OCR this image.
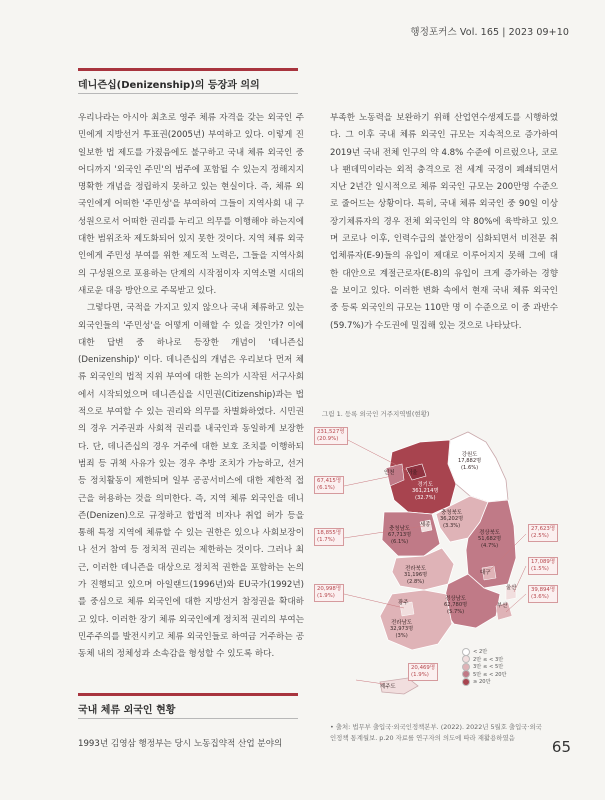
행정포커스 Vol. 165 | 2023 09+10
데니즌십(Denizenship)의 등장과 의의

우리나라는 아시아 최초로 영주 체류 자격을 갖는 외국인 주민에게 지방선거 투표권(2005년) 부여하고 있다. 이렇게 진일보한 법 제도를 가졌음에도 불구하고 국내 체류 외국인 중 어디까지 '외국인 주민'의 범주에 포함될 수 있는지 정해지지 명확한 개념을 정립하지 못하고 있는 현실이다. 즉, 체류 외국인에게 어떠한 '주민성'을 부여하여 그들이 지역사회 내 구성원으로서 어떠한 권리를 누리고 의무를 이행해야 하는지에 대한 범위조차 제도화되어 있지 못한 것이다. 지역 체류 외국인에게 주민성 부여를 위한 제도적 노력은, 그들을 지역사회의 구성원으로 포용하는 단계의 시작점이자 지역소멸 시대의 새로운 대응 방안으로 주목받고 있다.

그렇다면, 국적을 가지고 있지 않으나 국내 체류하고 있는 외국인들의 '주민성'을 어떻게 이해할 수 있을 것인가? 이에 대한 답변 중 하나로 등장한 개념이 '데니즌십(Denizenship)' 이다. 데니즌십의 개념은 우리보다 먼저 체류 외국인의 법적 지위 부여에 대한 논의가 시작된 서구사회에서 시작되었으며 데니즌십을 시민권(Citizenship)과는 법적으로 부여할 수 있는 권리와 의무를 차별화하였다. 시민권의 경우 거주권과 사회적 권리를 내국인과 동일하게 보장한다. 단, 데니즌십의 경우 거주에 대한 보호 조치를 이행하되 범죄 등 귀책 사유가 있는 경우 추방 조치가 가능하고, 선거 등 정치활동이 제한되며 일부 공공서비스에 대한 제한적 접근을 허용하는 것을 의미한다. 즉, 지역 체류 외국인을 데니즌(Denizen)으로 규정하고 합법적 비자나 취업 허가 등을 통해 특정 지역에 체류할 수 있는 권한은 있으나 사회보장이나 선거 참여 등 정치적 권리는 제한하는 것이다. 그러나 최근, 이러한 데니즌을 대상으로 정치적 권한을 포함하는 논의가 진행되고 있으며 아일랜드(1996년)와 EU국가(1992년)를 중심으로 체류 외국인에 대한 지방선거 참정권을 확대하고 있다. 이러한 장기 체류 외국인에게 정치적 권리의 부여는 민주주의를 발전시키고 체류 외국인들로 하여금 거주하는 공동체 내의 정체성과 소속감을 형성할 수 있도록 하다.

국내 체류 외국인 현황

1993년 김영삼 행정부는 당시 노동집약적 산업 분야의

부족한 노동력을 보완하기 위해 산업연수생제도를 시행하였다. 그 이후 국내 체류 외국인 규모는 지속적으로 증가하여 2019년 국내 전체 인구의 약 4.8% 수준에 이르렀으나, 코로나 팬데믹이라는 외적 충격으로 전 세계 국경이 폐쇄되면서 지난 2년간 일시적으로 체류 외국인 규모는 200만명 수준으로 줄어드는 상황이다. 특히, 국내 체류 외국인 중 90일 이상 장기체류자의 경우 전체 외국인의 약 80%에 육박하고 있으며 코로나 이후, 인력수급의 불안정이 심화되면서 비전문 취업체류자(E-9)들의 유입이 제대로 이루어지지 못해 그에 대한 대안으로 계절근로자(E-8)의 유입이 크게 증가하는 경향을 보이고 있다. 이러한 변화 속에서 현재 국내 체류 외국인 중 등록 외국인의 규모는 110만 명 이 수준으로 이 중 과반수(59.7%)가 수도권에 밀집해 있는 것으로 나타났다.

그림 1. 등록 외국인 거주지역별(현황)
231,527명
(20.9%)
67,415명
(6.1%)
18,855명
(1.7%)
20,998명
(1.9%)
20,469명
(1.9%)
27,623명
(2.5%)
17,089명
(1.5%)
39,894명
(3.6%)
서울
인천
경기도
361,214명
(32.7%)
강원도
17,882명
(1.6%)
충청북도
36,202명
(3.3%)
충청남도
67,713명
(6.1%)
세종
경상북도
51,682명
(4.7%)
전라북도
31,196명
(2.8%)
대구
경상남도
62,780명
(5.7%)
울산
부산
광주
전라남도
32,973명
(3%)
제주도
< 2만
2만 ≤ < 3만
3만 ≤ < 5만
5만 ≤ < 20만
≥ 20만
• 출처: 법무부 출입국·외국인정책본부. (2022). 2022년 5월호 출입국·외국인정책 통계월보. p.20 자료를 연구자의 의도에 따라 재활용하였음	65
